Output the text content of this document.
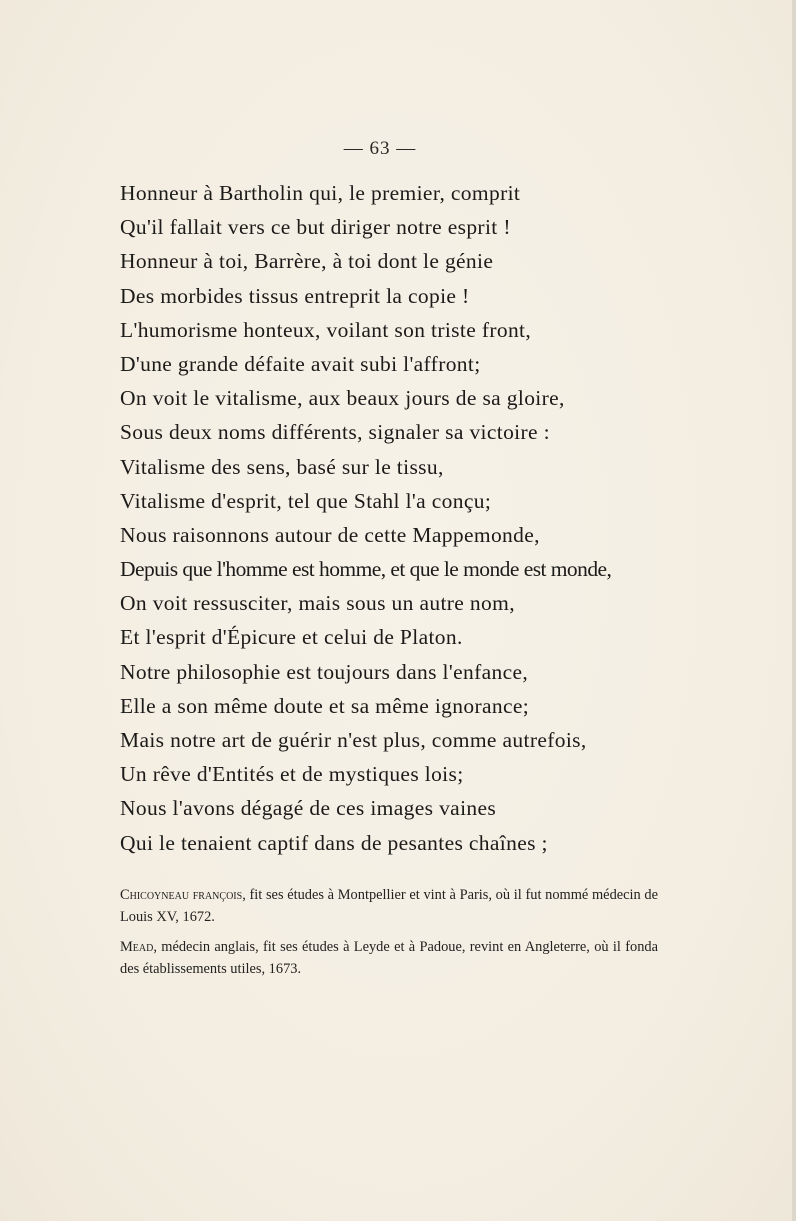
— 63 —
Honneur à Bartholin qui, le premier, comprit
Qu'il fallait vers ce but diriger notre esprit !
Honneur à toi, Barrère, à toi dont le génie
Des morbides tissus entreprit la copie !
L'humorisme honteux, voilant son triste front,
D'une grande défaite avait subi l'affront;
On voit le vitalisme, aux beaux jours de sa gloire,
Sous deux noms différents, signaler sa victoire :
Vitalisme des sens, basé sur le tissu,
Vitalisme d'esprit, tel que Stahl l'a conçu;
Nous raisonnons autour de cette Mappemonde,
Depuis que l'homme est homme, et que le monde est monde,
On voit ressusciter, mais sous un autre nom,
Et l'esprit d'Épicure et celui de Platon.
Notre philosophie est toujours dans l'enfance,
Elle a son même doute et sa même ignorance;
Mais notre art de guérir n'est plus, comme autrefois,
Un rêve d'Entités et de mystiques lois;
Nous l'avons dégagé de ces images vaines
Qui le tenaient captif dans de pesantes chaînes ;

Chicoyneau françois, fit ses études à Montpellier et vint à Paris, où il fut nommé médecin de Louis XV, 1672.

Mead, médecin anglais, fit ses études à Leyde et à Padoue, revint en Angleterre, où il fonda des établissements utiles, 1673.
